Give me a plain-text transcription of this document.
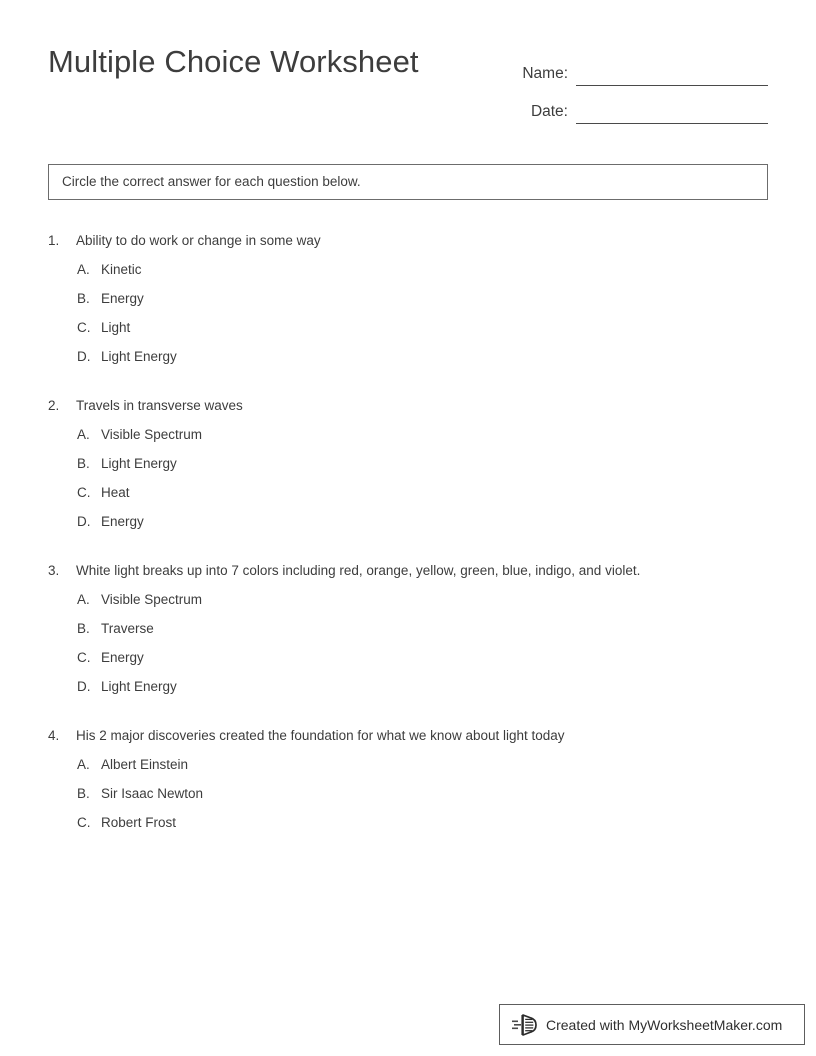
Multiple Choice Worksheet	Name:
Date:
Circle the correct answer for each question below.
1.	Ability to do work or change in some way
A. Kinetic
B. Energy
C. Light
D. Light Energy
2.	Travels in transverse waves
A. Visible Spectrum
B. Light Energy
C. Heat
D. Energy
3.	White light breaks up into 7 colors including red, orange, yellow, green, blue, indigo, and violet.
A. Visible Spectrum
B. Traverse
C. Energy
D. Light Energy
4.	His 2 major discoveries created the foundation for what we know about light today
A. Albert Einstein
B. Sir Isaac Newton
C. Robert Frost
Created with MyWorksheetMaker.com
